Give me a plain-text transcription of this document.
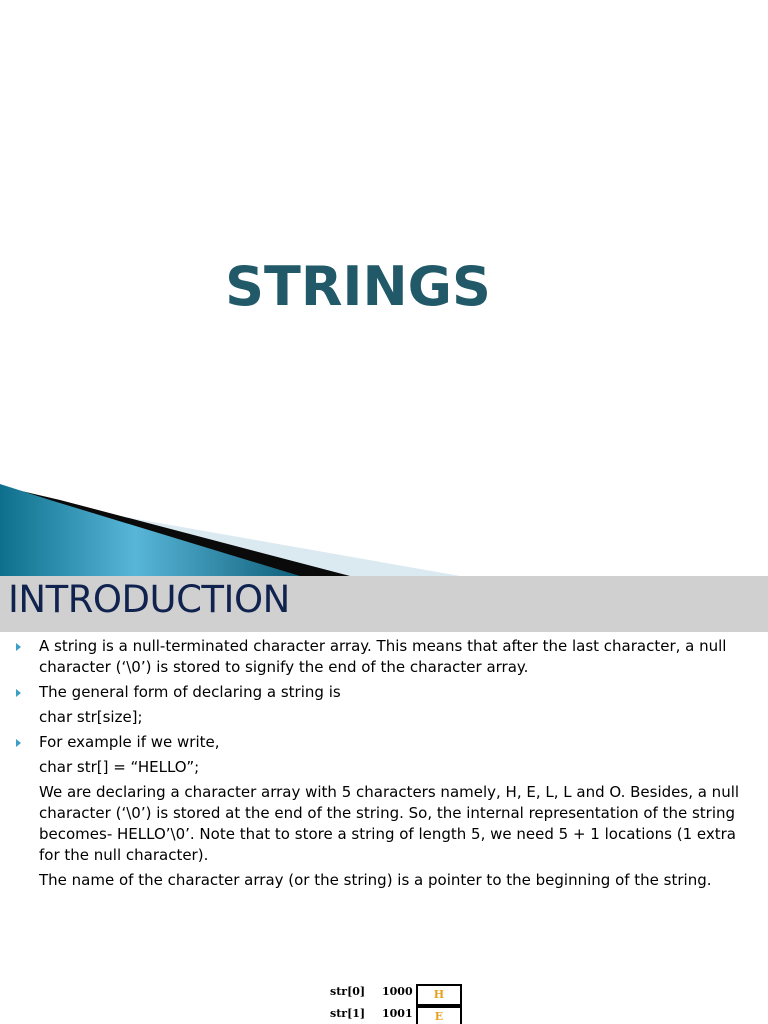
STRINGS
INTRODUCTION
A string is a null-terminated character array. This means that after the last character, a null character (‘\0’) is stored to signify the end of the character array.
The general form of declaring a string is
char str[size];
For example if we write,
char str[] = “HELLO”;
We are declaring a character array with 5 characters namely, H, E, L, L and O. Besides, a null character (‘\0’) is stored at the end of the string. So, the internal representation of the string becomes- HELLO’\0’. Note that to store a string of length 5, we need 5 + 1 locations (1 extra for the null character).
The name of the character array (or the string) is a pointer to the beginning of the string.
str[0] 1000	H
str[1] 1001	E
